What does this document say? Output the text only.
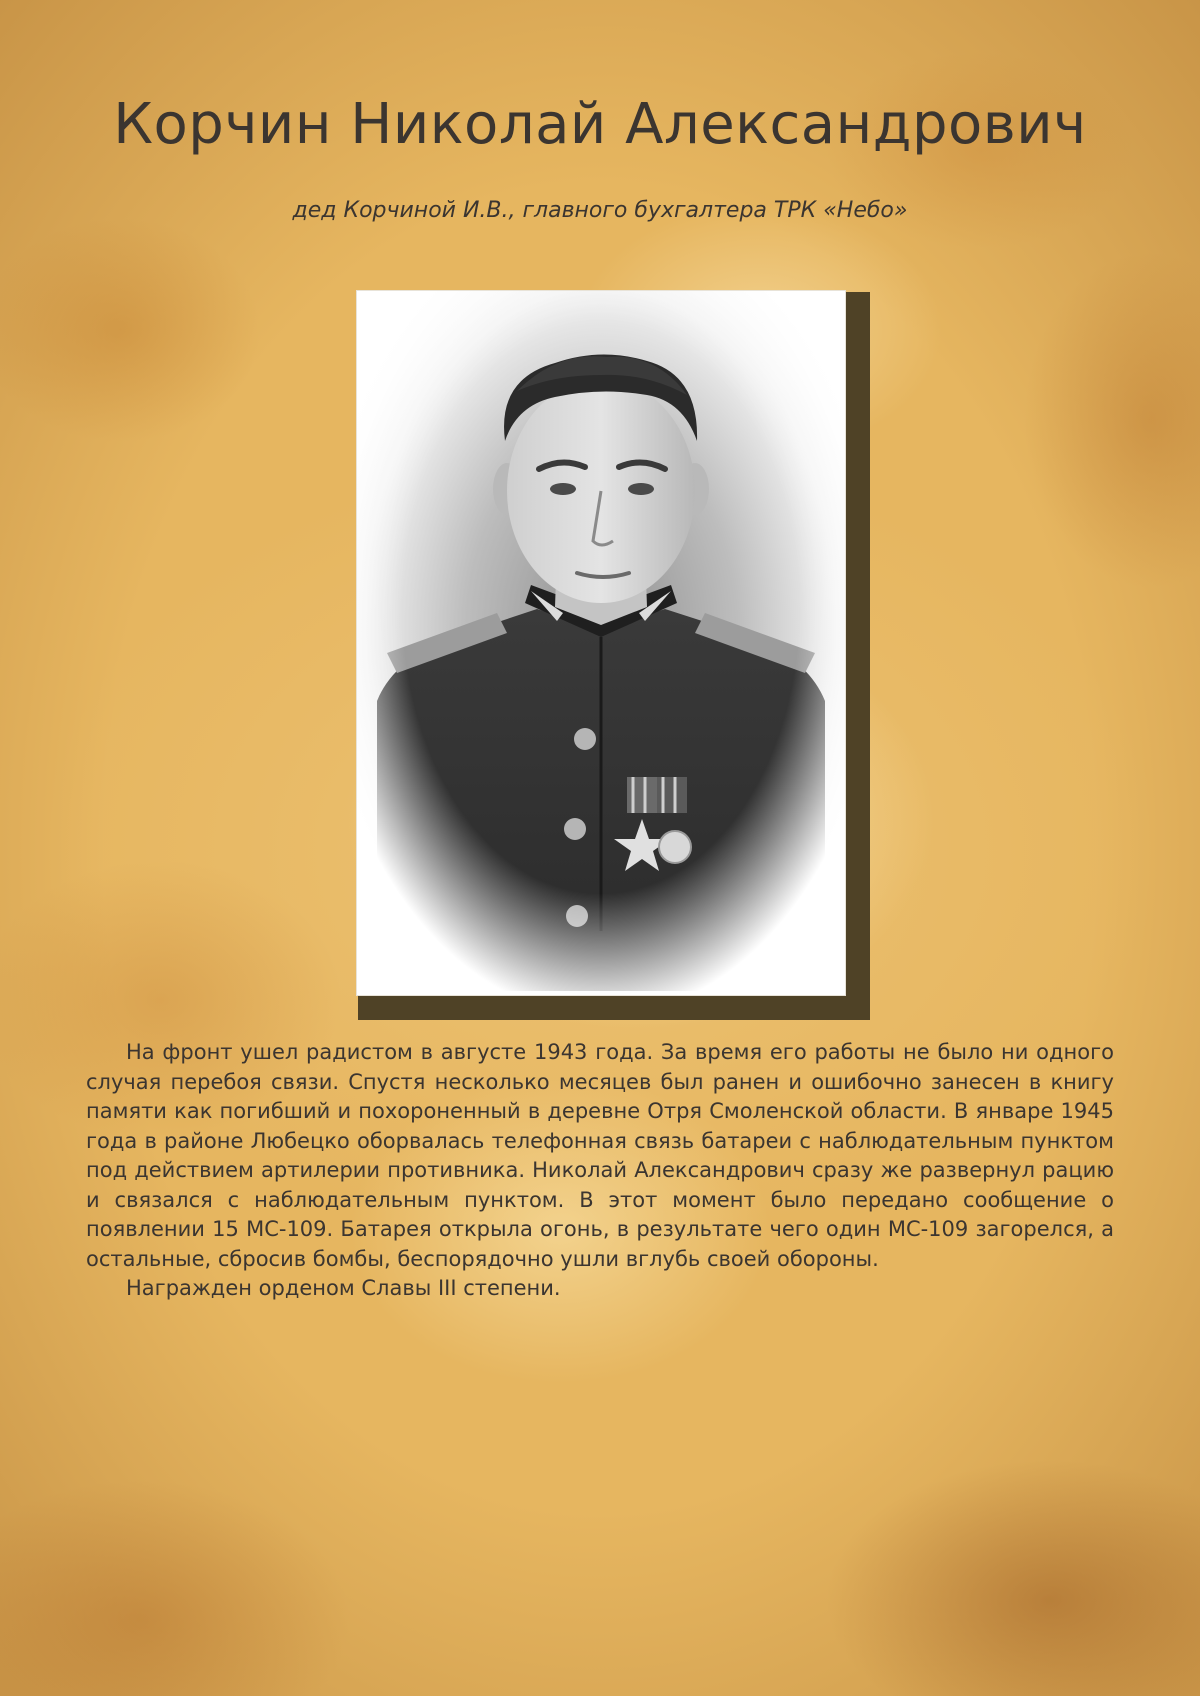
Корчин Николай Александрович

дед Корчиной И.В., главного бухгалтера ТРК «Небо»

На фронт ушел радистом в августе 1943 года. За время его работы не было ни одного случая перебоя связи. Спустя несколько месяцев был ранен и ошибочно занесен в книгу памяти как погибший и похороненный в деревне Отря Смоленской области. В январе 1945 года в районе Любецко оборвалась телефонная связь батареи с наблюдательным пунктом под действием артилерии противника. Николай Александрович сразу же развернул рацию и связался с наблюдательным пунктом. В этот момент было передано сообщение о появлении 15 МС-109. Батарея открыла огонь, в результате чего один МС-109 загорелся, а остальные, сбросив бомбы, беспорядочно ушли вглубь своей обороны.

Награжден орденом Славы III степени.
